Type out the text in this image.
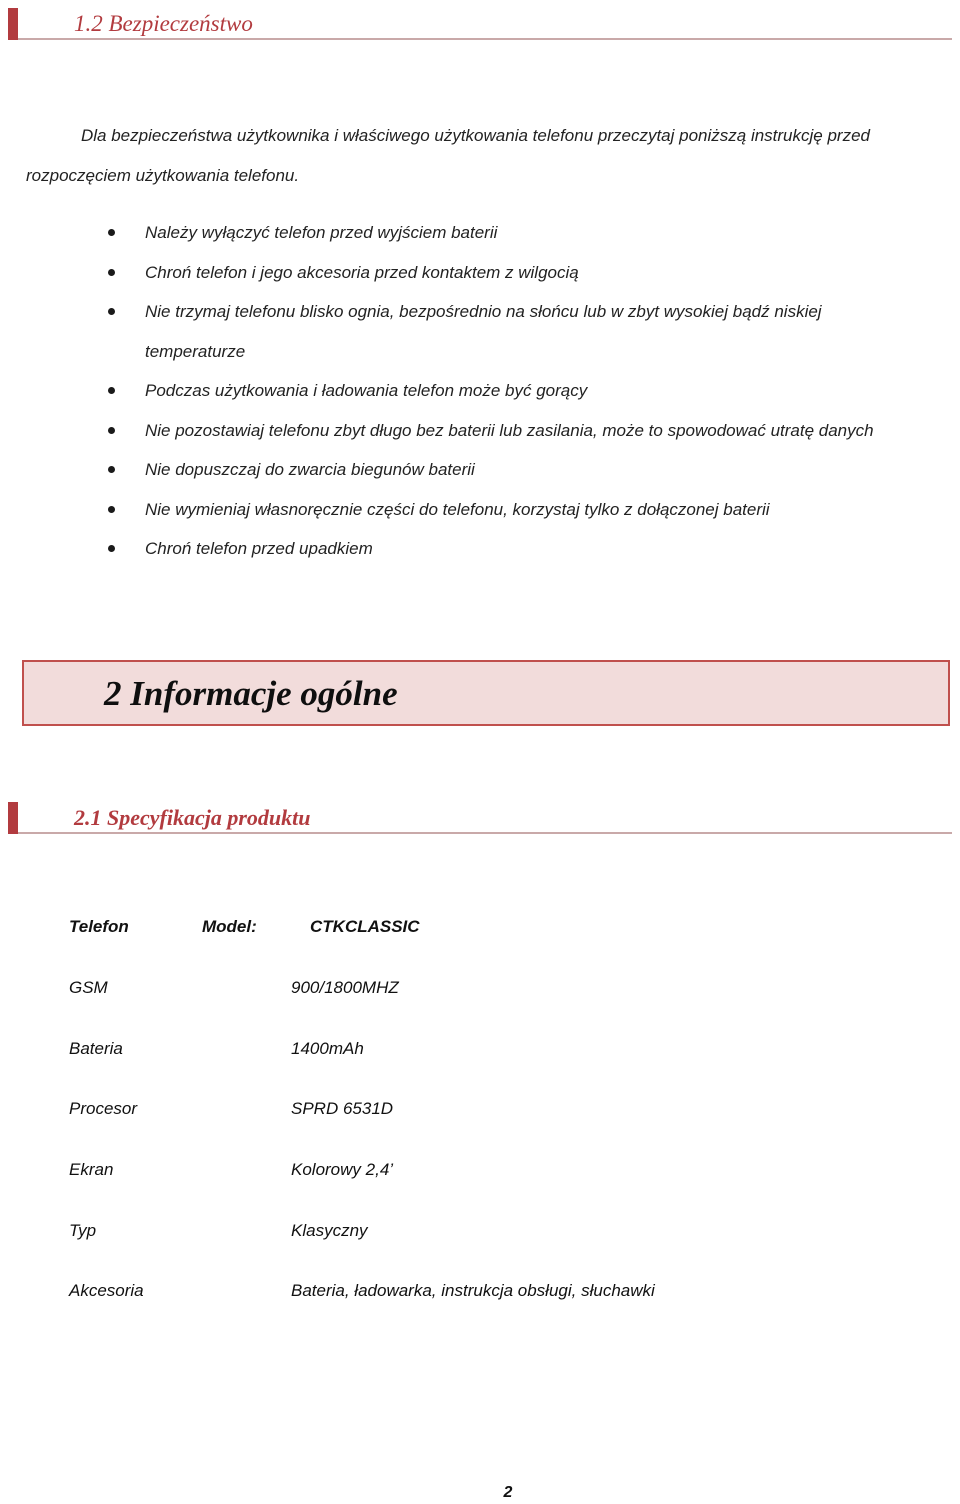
1.2 Bezpieczeństwo

Dla bezpieczeństwa użytkownika i właściwego użytkowania telefonu przeczytaj poniższą instrukcję przed rozpoczęciem użytkowania telefonu.

Należy wyłączyć telefon przed wyjściem baterii
Chroń telefon i jego akcesoria przed kontaktem z wilgocią
Nie trzymaj telefonu blisko ognia, bezpośrednio na słońcu lub w zbyt wysokiej bądź niskiej temperaturze
Podczas użytkowania i ładowania telefon może być gorący
Nie pozostawiaj telefonu zbyt długo bez baterii lub zasilania, może to spowodować utratę danych
Nie dopuszczaj do zwarcia biegunów baterii
Nie wymieniaj własnoręcznie części do telefonu, korzystaj tylko z dołączonej baterii
Chroń telefon przed upadkiem
2 Informacje ogólne
2.1 Specyfikacja produktu
Telefon	Model:	CTKCLASSIC
GSM	900/1800MHZ
Bateria	1400mAh
Procesor	SPRD 6531D
Ekran	Kolorowy 2,4’
Typ	Klasyczny
Akcesoria	Bateria, ładowarka, instrukcja obsługi, słuchawki
2
